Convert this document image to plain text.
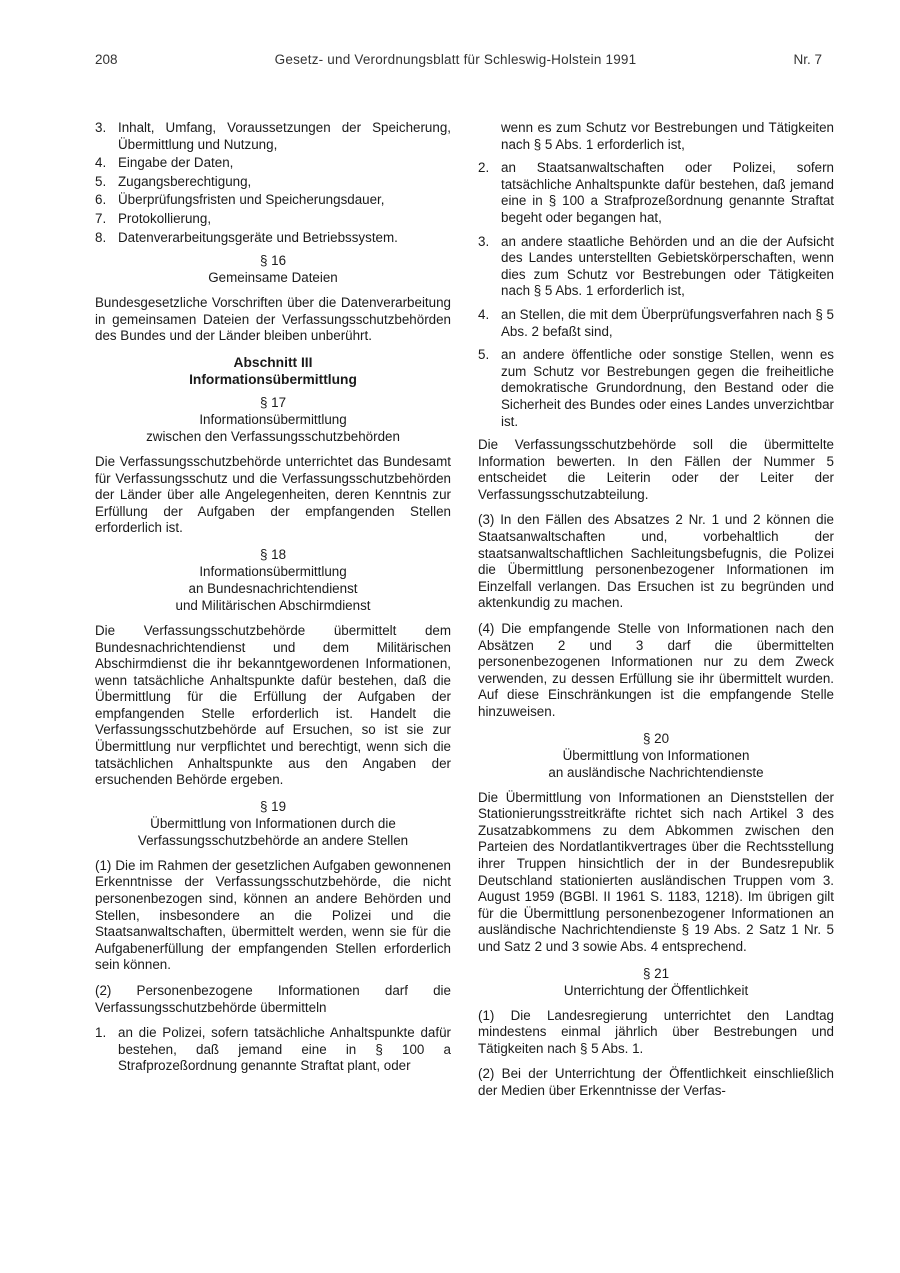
208	Gesetz- und Verordnungsblatt für Schleswig-Holstein 1991	Nr. 7
3. Inhalt, Umfang, Voraussetzungen der Speicherung, Übermittlung und Nutzung,
4. Eingabe der Daten,
5. Zugangsberechtigung,
6. Überprüfungsfristen und Speicherungsdauer,
7. Protokollierung,
8. Datenverarbeitungsgeräte und Betriebssystem.
§ 16
Gemeinsame Dateien

Bundesgesetzliche Vorschriften über die Datenverarbeitung in gemeinsamen Dateien der Verfassungsschutzbehörden des Bundes und der Länder bleiben unberührt.

Abschnitt III
Informationsübermittlung
§ 17
Informationsübermittlung
zwischen den Verfassungsschutzbehörden

Die Verfassungsschutzbehörde unterrichtet das Bundesamt für Verfassungsschutz und die Verfassungsschutzbehörden der Länder über alle Angelegenheiten, deren Kenntnis zur Erfüllung der Aufgaben der empfangenden Stellen erforderlich ist.

§ 18
Informationsübermittlung
an Bundesnachrichtendienst
und Militärischen Abschirmdienst

Die Verfassungsschutzbehörde übermittelt dem Bundesnachrichtendienst und dem Militärischen Abschirmdienst die ihr bekanntgewordenen Informationen, wenn tatsächliche Anhaltspunkte dafür bestehen, daß die Übermittlung für die Erfüllung der Aufgaben der empfangenden Stelle erforderlich ist. Handelt die Verfassungsschutzbehörde auf Ersuchen, so ist sie zur Übermittlung nur verpflichtet und berechtigt, wenn sich die tatsächlichen Anhaltspunkte aus den Angaben der ersuchenden Behörde ergeben.

§ 19
Übermittlung von Informationen durch die
Verfassungsschutzbehörde an andere Stellen

(1) Die im Rahmen der gesetzlichen Aufgaben gewonnenen Erkenntnisse der Verfassungsschutzbehörde, die nicht personenbezogen sind, können an andere Behörden und Stellen, insbesondere an die Polizei und die Staatsanwaltschaften, übermittelt werden, wenn sie für die Aufgabenerfüllung der empfangenden Stellen erforderlich sein können.

(2) Personenbezogene Informationen darf die Verfassungsschutzbehörde übermitteln

1. an die Polizei, sofern tatsächliche Anhaltspunkte dafür bestehen, daß jemand eine in § 100 a Strafprozeßordnung genannte Straftat plant, oder
wenn es zum Schutz vor Bestrebungen und Tätigkeiten nach § 5 Abs. 1 erforderlich ist,
2. an Staatsanwaltschaften oder Polizei, sofern tatsächliche Anhaltspunkte dafür bestehen, daß jemand eine in § 100 a Strafprozeßordnung genannte Straftat begeht oder begangen hat,
3. an andere staatliche Behörden und an die der Aufsicht des Landes unterstellten Gebietskörperschaften, wenn dies zum Schutz vor Bestrebungen oder Tätigkeiten nach § 5 Abs. 1 erforderlich ist,
4. an Stellen, die mit dem Überprüfungsverfahren nach § 5 Abs. 2 befaßt sind,
5. an andere öffentliche oder sonstige Stellen, wenn es zum Schutz vor Bestrebungen gegen die freiheitliche demokratische Grundordnung, den Bestand oder die Sicherheit des Bundes oder eines Landes unverzichtbar ist.

Die Verfassungsschutzbehörde soll die übermittelte Information bewerten. In den Fällen der Nummer 5 entscheidet die Leiterin oder der Leiter der Verfassungsschutzabteilung.

(3) In den Fällen des Absatzes 2 Nr. 1 und 2 können die Staatsanwaltschaften und, vorbehaltlich der staatsanwaltschaftlichen Sachleitungsbefugnis, die Polizei die Übermittlung personenbezogener Informationen im Einzelfall verlangen. Das Ersuchen ist zu begründen und aktenkundig zu machen.

(4) Die empfangende Stelle von Informationen nach den Absätzen 2 und 3 darf die übermittelten personenbezogenen Informationen nur zu dem Zweck verwenden, zu dessen Erfüllung sie ihr übermittelt wurden. Auf diese Einschränkungen ist die empfangende Stelle hinzuweisen.

§ 20
Übermittlung von Informationen
an ausländische Nachrichtendienste

Die Übermittlung von Informationen an Dienststellen der Stationierungsstreitkräfte richtet sich nach Artikel 3 des Zusatzabkommens zu dem Abkommen zwischen den Parteien des Nordatlantikvertrages über die Rechtsstellung ihrer Truppen hinsichtlich der in der Bundesrepublik Deutschland stationierten ausländischen Truppen vom 3. August 1959 (BGBl. II 1961 S. 1183, 1218). Im übrigen gilt für die Übermittlung personenbezogener Informationen an ausländische Nachrichtendienste § 19 Abs. 2 Satz 1 Nr. 5 und Satz 2 und 3 sowie Abs. 4 entsprechend.

§ 21
Unterrichtung der Öffentlichkeit

(1) Die Landesregierung unterrichtet den Landtag mindestens einmal jährlich über Bestrebungen und Tätigkeiten nach § 5 Abs. 1.

(2) Bei der Unterrichtung der Öffentlichkeit einschließlich der Medien über Erkenntnisse der Verfas-
